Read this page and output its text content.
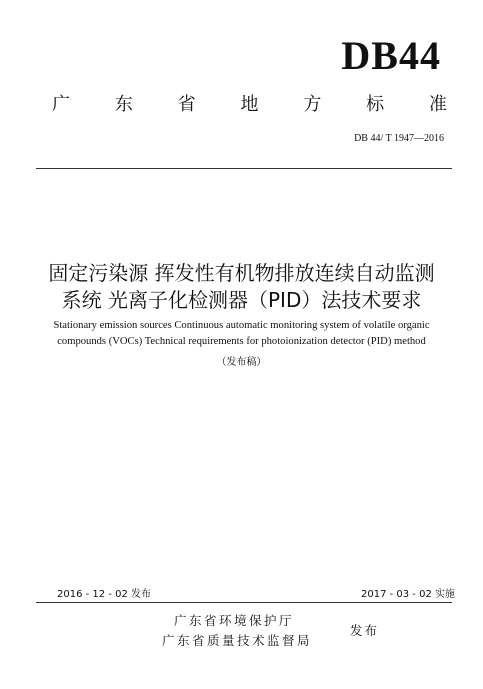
DB44
广 东 省 地 方 标 准
DB 44/ T 1947—2016
固定污染源 挥发性有机物排放连续自动监测
系统 光离子化检测器（PID）法技术要求
Stationary emission sources Continuous automatic monitoring system of volatile organic
compounds (VOCs) Technical requirements for photoionization detector (PID) method
（发布稿）
2016 - 12 - 02 发布	2017 - 03 - 02 实施
广东省环境保护厅
广东省质量技术监督局
发布
